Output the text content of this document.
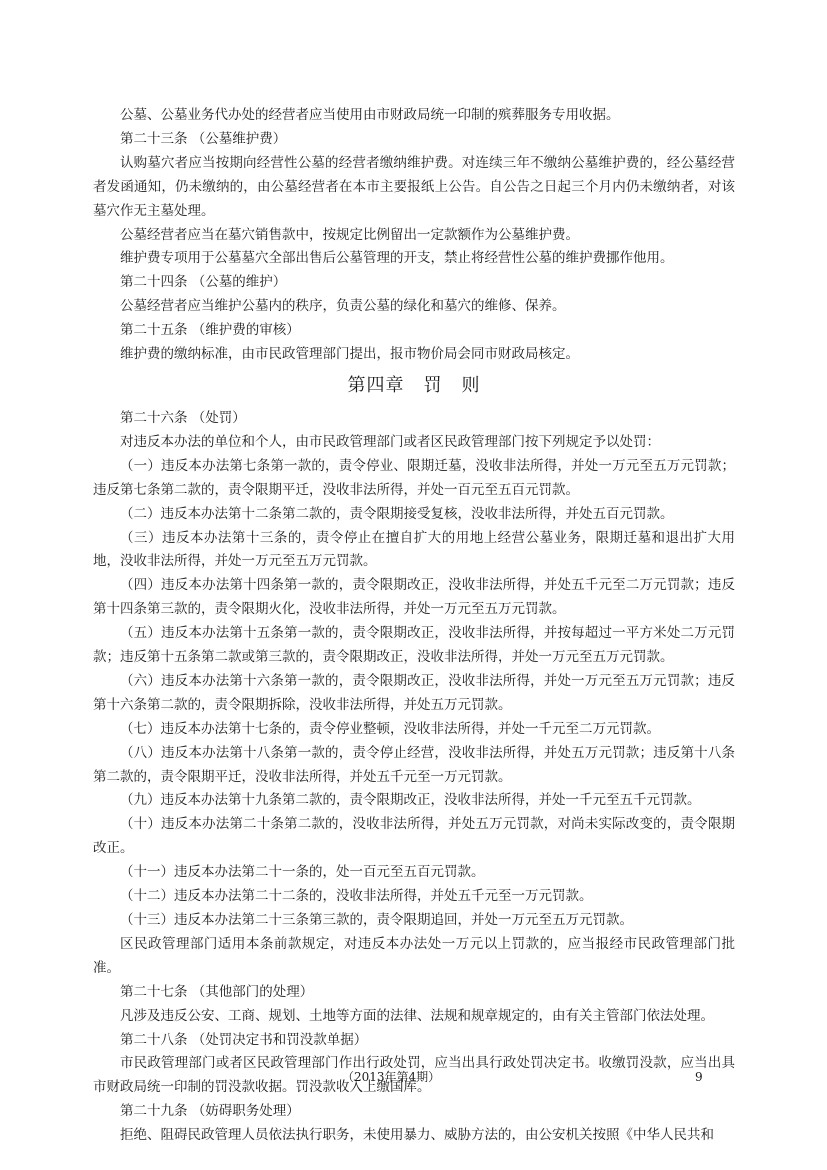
公墓、公墓业务代办处的经营者应当使用由市财政局统一印制的殡葬服务专用收据。

第二十三条 （公墓维护费）

认购墓穴者应当按期向经营性公墓的经营者缴纳维护费。对连续三年不缴纳公墓维护费的，经公墓经营者发函通知，仍未缴纳的，由公墓经营者在本市主要报纸上公告。自公告之日起三个月内仍未缴纳者，对该墓穴作无主墓处理。

公墓经营者应当在墓穴销售款中，按规定比例留出一定款额作为公墓维护费。

维护费专项用于公墓墓穴全部出售后公墓管理的开支，禁止将经营性公墓的维护费挪作他用。

第二十四条 （公墓的维护）

公墓经营者应当维护公墓内的秩序，负责公墓的绿化和墓穴的维修、保养。

第二十五条 （维护费的审核）

维护费的缴纳标准，由市民政管理部门提出，报市物价局会同市财政局核定。

第四章　罚　则

第二十六条 （处罚）

对违反本办法的单位和个人，由市民政管理部门或者区民政管理部门按下列规定予以处罚：

（一）违反本办法第七条第一款的，责令停业、限期迁墓，没收非法所得，并处一万元至五万元罚款；违反第七条第二款的，责令限期平迁，没收非法所得，并处一百元至五百元罚款。

（二）违反本办法第十二条第二款的，责令限期接受复核，没收非法所得，并处五百元罚款。

（三）违反本办法第十三条的，责令停止在擅自扩大的用地上经营公墓业务，限期迁墓和退出扩大用地，没收非法所得，并处一万元至五万元罚款。

（四）违反本办法第十四条第一款的，责令限期改正，没收非法所得，并处五千元至二万元罚款；违反第十四条第三款的，责令限期火化，没收非法所得，并处一万元至五万元罚款。

（五）违反本办法第十五条第一款的，责令限期改正，没收非法所得，并按每超过一平方米处二万元罚款；违反第十五条第二款或第三款的，责令限期改正，没收非法所得，并处一万元至五万元罚款。

（六）违反本办法第十六条第一款的，责令限期改正，没收非法所得，并处一万元至五万元罚款；违反第十六条第二款的，责令限期拆除，没收非法所得，并处五万元罚款。

（七）违反本办法第十七条的，责令停业整顿，没收非法所得，并处一千元至二万元罚款。

（八）违反本办法第十八条第一款的，责令停止经营，没收非法所得，并处五万元罚款；违反第十八条第二款的，责令限期平迁，没收非法所得，并处五千元至一万元罚款。

（九）违反本办法第十九条第二款的，责令限期改正，没收非法所得，并处一千元至五千元罚款。

（十）违反本办法第二十条第二款的，没收非法所得，并处五万元罚款，对尚未实际改变的，责令限期改正。

（十一）违反本办法第二十一条的，处一百元至五百元罚款。

（十二）违反本办法第二十二条的，没收非法所得，并处五千元至一万元罚款。

（十三）违反本办法第二十三条第三款的，责令限期追回，并处一万元至五万元罚款。

区民政管理部门适用本条前款规定，对违反本办法处一万元以上罚款的，应当报经市民政管理部门批准。

第二十七条 （其他部门的处理）

凡涉及违反公安、工商、规划、土地等方面的法律、法规和规章规定的，由有关主管部门依法处理。

第二十八条 （处罚决定书和罚没款单据）

市民政管理部门或者区民政管理部门作出行政处罚，应当出具行政处罚决定书。收缴罚没款，应当出具市财政局统一印制的罚没款收据。罚没款收入上缴国库。

第二十九条 （妨碍职务处理）

拒绝、阻碍民政管理人员依法执行职务，未使用暴力、威胁方法的，由公安机关按照《中华人民共和

（2013年第4期）	9
